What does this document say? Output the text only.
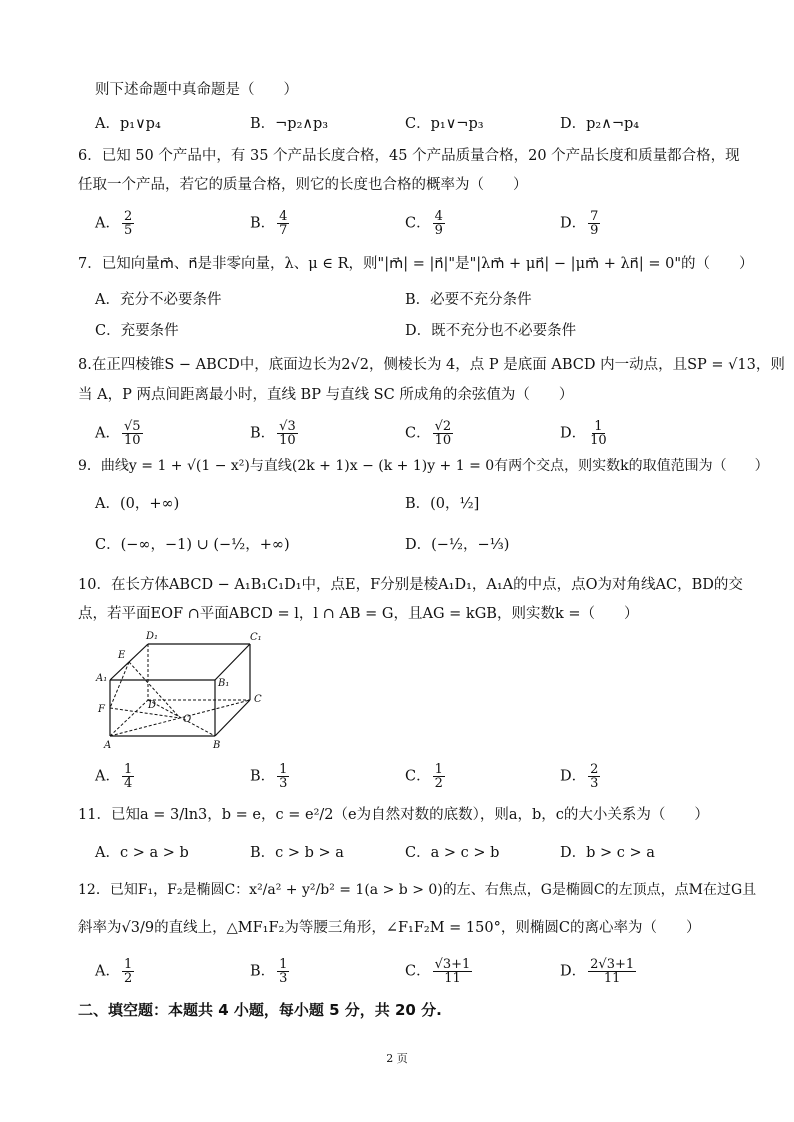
则下述命题中真命题是（　　）
A．p₁∨p₄	B．¬p₂∧p₃	C．p₁∨¬p₃	D．p₂∧¬p₄
6．已知 50 个产品中，有 35 个产品长度合格，45 个产品质量合格，20 个产品长度和质量都合格，现
任取一个产品，若它的质量合格，则它的长度也合格的概率为（　　）
A． $\frac{2}{5}$	B． $\frac{4}{7}$	C． $\frac{4}{9}$	D． $\frac{7}{9}$
7．已知向量m⃗、n⃗是非零向量，λ、μ ∈ R，则"|m⃗| = |n⃗|"是"|λm⃗ + μn⃗| − |μm⃗ + λn⃗| = 0"的（　　）
A．充分不必要条件	B．必要不充分条件
C．充要条件	D．既不充分也不必要条件
8.在正四棱锥S − ABCD中，底面边长为2√2，侧棱长为 4，点 P 是底面 ABCD 内一动点，且SP = √13，则
当 A，P 两点间距离最小时，直线 BP 与直线 SC 所成角的余弦值为（　　）
A． $\frac{√5}{10}$	B． $\frac{√3}{10}$	C． $\frac{√2}{10}$	D． $\frac{1}{10}$
9．曲线y = 1 + √(1 − x²)与直线(2k + 1)x − (k + 1)y + 1 = 0有两个交点，则实数k的取值范围为（　　）
A．(0，+∞)	B．(0，½]
C．(−∞，−1) ∪ (−½，+∞)	D．(−½，−⅓)
10．在长方体ABCD − A₁B₁C₁D₁中，点E，F分别是棱A₁D₁，A₁A的中点，点O为对角线AC，BD的交
点，若平面EOF ∩平面ABCD = l，l ∩ AB = G，且AG = kGB，则实数k =（　　）
D₁	C₁
E
A₁	B₁
C
F	D
O
A	B
A． $\frac{1}{4}$	B． $\frac{1}{3}$	C． $\frac{1}{2}$	D． $\frac{2}{3}$
11．已知a = 3/ln3，b = e，c = e²/2（e为自然对数的底数），则a，b，c的大小关系为（　　）
A．c > a > b	B．c > b > a	C．a > c > b	D．b > c > a
12．已知F₁，F₂是椭圆C：x²/a² + y²/b² = 1(a > b > 0)的左、右焦点，G是椭圆C的左顶点，点M在过G且
斜率为√3/9的直线上，△MF₁F₂为等腰三角形，∠F₁F₂M = 150°，则椭圆C的离心率为（　　）
A． $\frac{1}{2}$	B． $\frac{1}{3}$	C． $\frac{√3+1}{11}$	D． $\frac{2√3+1}{11}$
二、填空题：本题共 4 小题，每小题 5 分，共 20 分.
2 页
